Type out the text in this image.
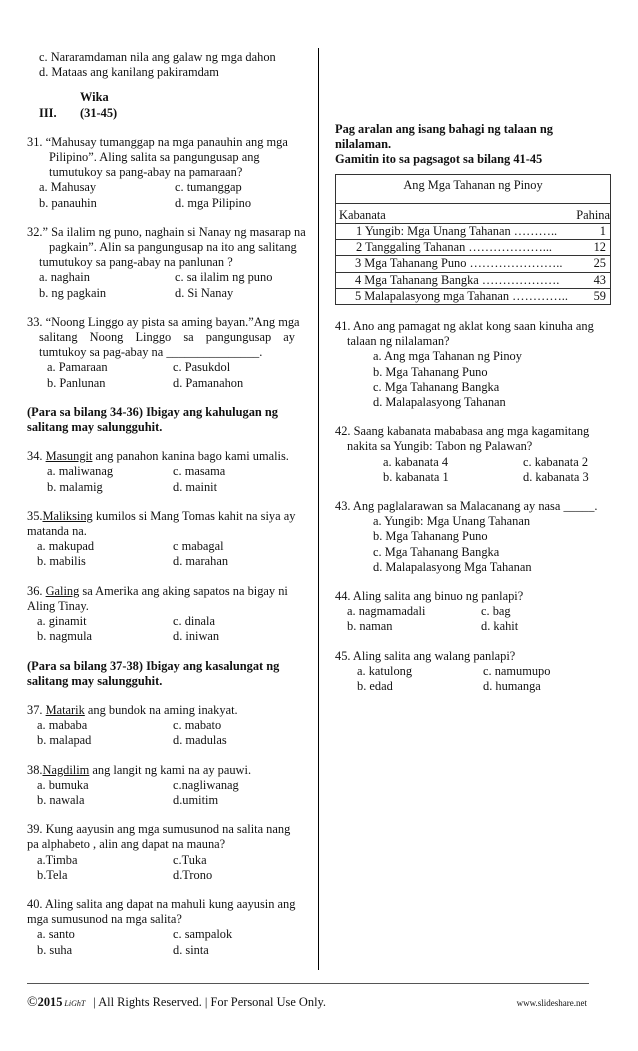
c. Nararamdaman nila ang galaw ng mga dahon
d. Mataas ang kanilang pakiramdam
III.Wika (31-45)
31. “Mahusay tumanggap na mga panauhin ang mga
Pilipino”. Aling salita sa pangungusap ang
tumutukoy sa pang-abay na pamaraan?
a. Mahusay	c. tumanggap
b. panauhin	d. mga Pilipino
32.” Sa ilalim ng puno, naghain si Nanay ng masarap na
pagkain”. Alin sa pangungusap na ito ang salitang
tumutukoy sa pang-abay na panlunan ?
a. naghain	c. sa ilalim ng puno
b. ng pagkain	d. Si Nanay
33. “Noong Linggo ay pista sa aming bayan.”Ang mga
salitang Noong Linggo sa pangungusap ay
tumtukoy sa pag-abay na _______________.
a. Pamaraan	c. Pasukdol
b. Panlunan	d. Pamanahon
(Para sa bilang 34-36) Ibigay ang kahulugan ng
salitang may salungguhit.
34. Masungit ang panahon kanina bago kami umalis.
a. maliwanag	c. masama
b. malamig	d. mainit
35.Maliksing kumilos si Mang Tomas kahit na siya ay
matanda na.
a. makupad	c mabagal
b. mabilis	d. marahan
36. Galing sa Amerika ang aking sapatos na bigay ni
Aling Tinay.
a. ginamit	c. dinala
b. nagmula	d. iniwan
(Para sa bilang 37-38) Ibigay ang kasalungat ng
salitang may salungguhit.
37. Matarik ang bundok na aming inakyat.
a. mababa	c. mabato
b. malapad	d. madulas
38.Nagdilim ang langit ng kami na ay pauwi.
a. bumuka	c.nagliwanag
b. nawala	d.umitim
39. Kung aayusin ang mga sumusunod na salita nang
pa alphabeto , alin ang dapat na mauna?
a.Timba	c.Tuka
b.Tela	d.Trono
40. Aling salita ang dapat na mahuli kung aayusin ang
mga sumusunod na mga salita?
a. santo	c. sampalok
b. suha	d. sinta
Pag aralan ang isang bahagi ng talaan ng nilalaman.
Gamitin ito sa pagsagot sa bilang 41-45
Ang Mga Tahanan ng Pinoy
Kabanata	Pahina
1 Yungib: Mga Unang Tahanan ………..	1
2 Tanggaling Tahanan ………………...	12
3 Mga Tahanang Puno …………………..	25
4 Mga Tahanang Bangka ……………….	43
5 Malapalasyong mga Tahanan …………..	59
41. Ano ang pamagat ng aklat kong saan kinuha ang
talaan ng nilalaman?
a. Ang mga Tahanan ng Pinoy
b. Mga Tahanang Puno
c. Mga Tahanang Bangka
d. Malapalasyong Tahanan
42. Saang kabanata mababasa ang mga kagamitang
nakita sa Yungib: Tabon ng Palawan?
a. kabanata 4	c. kabanata 2
b. kabanata 1	d. kabanata 3
43. Ang paglalarawan sa Malacanang ay nasa _____.
a. Yungib: Mga Unang Tahanan
b. Mga Tahanang Puno
c. Mga Tahanang Bangka
d. Malapalasyong Mga Tahanan
44. Aling salita ang binuo ng panlapi?
a. nagmamadali	c. bag
b. naman	d. kahit
45. Aling salita ang walang panlapi?
a. katulong	c. namumupo
b. edad	d. humanga
© 2015 LiGhT | All Rights Reserved. | For Personal Use Only.	www.slideshare.net
